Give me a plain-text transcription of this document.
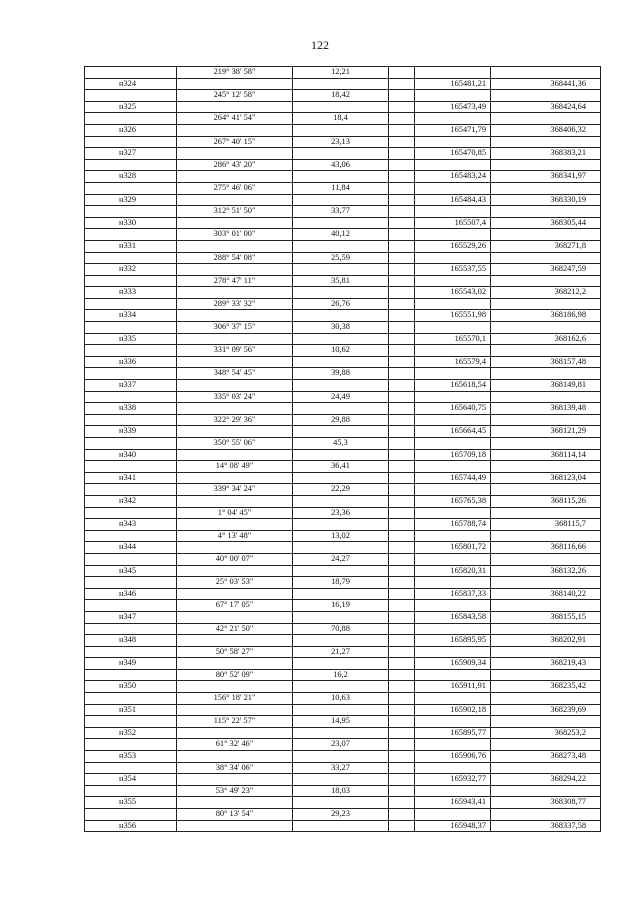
122
	219° 38' 58"	12,21			
н324				165481,21	368441,36
	245° 12' 58"	18,42			
н325				165473,49	368424,64
	264° 41' 54"	18,4			
н326				165471,79	368406,32
	267° 40' 15"	23,13			
н327				165470,85	368383,21
	286° 43' 20"	43,06			
н328				165483,24	368341,97
	275° 46' 06"	11,84			
н329				165484,43	368330,19
	312° 51' 50"	33,77			
н330				165507,4	368305,44
	303° 01' 00"	40,12			
н331				165529,26	368271,8
	288° 54' 08"	25,59			
н332				165537,55	368247,59
	278° 47' 11"	35,81			
н333				165543,02	368212,2
	289° 33' 32"	26,76			
н334				165551,98	368186,98
	306° 37' 15"	30,38			
н335				165570,1	368162,6
	331° 09' 56"	10,62			
н336				165579,4	368157,48
	348° 54' 45"	39,88			
н337				165618,54	368149,81
	335° 03' 24"	24,49			
н338				165640,75	368139,48
	322° 29' 36"	29,88			
н339				165664,45	368121,29
	350° 55' 06"	45,3			
н340				165709,18	368114,14
	14° 08' 49"	36,41			
н341				165744,49	368123,04
	339° 34' 24"	22,29			
н342				165765,38	368115,26
	1° 04' 45"	23,36			
н343				165788,74	368115,7
	4° 13' 48"	13,02			
н344				165801,72	368116,66
	40° 00' 07"	24,27			
н345				165820,31	368132,26
	25° 03' 53"	18,79			
н346				165837,33	368140,22
	67° 17' 05"	16,19			
н347				165843,58	368155,15
	42° 21' 50"	70,88			
н348				165895,95	368202,91
	50° 58' 27"	21,27			
н349				165909,34	368219,43
	80° 52' 09"	16,2			
н350				165911,91	368235,42
	156° 18' 21"	10,63			
н351				165902,18	368239,69
	115° 22' 57"	14,95			
н352				165895,77	368253,2
	61° 32' 46"	23,07			
н353				165906,76	368273,48
	38° 34' 06"	33,27			
н354				165932,77	368294,22
	53° 49' 23"	18,03			
н355				165943,41	368308,77
	80° 13' 54"	29,23			
н356				165948,37	368337,58
